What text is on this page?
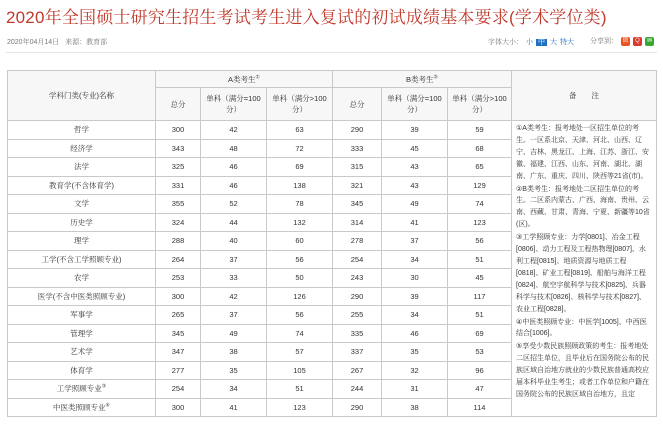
2020年全国硕士研究生招生考试考生进入复试的初试成绩基本要求(学术学位类)
2020年04月14日 来源：教育部	字体大小： 小 中 大 特大 分享到： 微	Q	✉
学科门类(专业)名称	A类考生①			B类考生②			备　　注
	总分	单科（满分=100分）	单科（满分>100分）	总分	单科（满分=100分）	单科（满分>100分）	
哲学	300	42	63	290	39	59	①A类考生：报考地处一区招生单位的考生。一区系北京、天津、河北、山西、辽宁、吉林、黑龙江、上海、江苏、浙江、安徽、福建、江西、山东、河南、湖北、湖南、广东、重庆、四川、陕西等21省(市)。

②B类考生：报考地处二区招生单位的考生。二区系内蒙古、广西、海南、贵州、云南、西藏、甘肃、青海、宁夏、新疆等10省(区)。

③工学照顾专业：力学[0801]、冶金工程[0806]、动力工程及工程热物理[0807]、水利工程[0815]、地质资源与地质工程[0818]、矿业工程[0819]、船舶与海洋工程[0824]、航空宇航科学与技术[0825]、兵器科学与技术[0826]、核科学与技术[0827]、农业工程[0828]。

④中医类照顾专业：中医学[1005]、中西医结合[1006]。

⑤享受少数民族照顾政策的考生：报考地处二区招生单位，且毕业后在国务院公布的民族区域自治地方就业的少数民族普通高校应届本科毕业生考生；或者工作单位和户籍在国务院公布的民族区域自治地方，且定

经济学	343	48	72	333	45	68	
法学	325	46	69	315	43	65	
教育学(不含体育学)	331	46	138	321	43	129	
文学	355	52	78	345	49	74	
历史学	324	44	132	314	41	123	
理学	288	40	60	278	37	56	
工学(不含工学照顾专业)	264	37	56	254	34	51	
农学	253	33	50	243	30	45	
医学(不含中医类照顾专业)	300	42	126	290	39	117	
军事学	265	37	56	255	34	51	
管理学	345	49	74	335	46	69	
艺术学	347	38	57	337	35	53	
体育学	277	35	105	267	32	96	
工学照顾专业③	254	34	51	244	31	47	
中医类照顾专业④	300	41	123	290	38	114	
